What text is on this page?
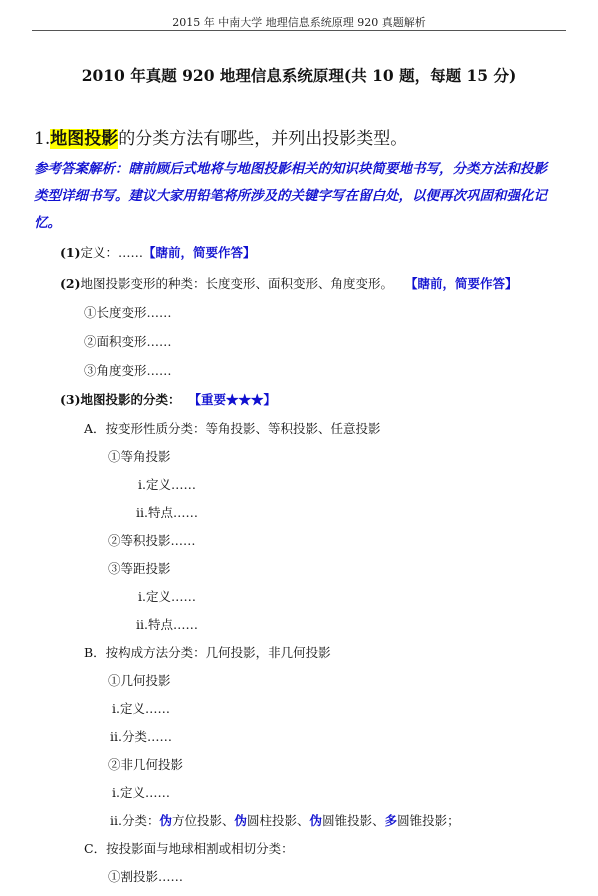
2015 年 中南大学 地理信息系统原理 920 真题解析
2010 年真题 920 地理信息系统原理(共 10 题，每题 15 分)
1.地图投影的分类方法有哪些，并列出投影类型。
参考答案解析：瞎前顾后式地将与地图投影相关的知识块简要地书写，分类方法和投影类型详细书写。建议大家用铅笔将所涉及的关键字写在留白处，以便再次巩固和强化记忆。
(1)定义：……【瞎前，简要作答】
(2)地图投影变形的种类：长度变形、面积变形、角度变形。 【瞎前，简要作答】
①长度变形……
②面积变形……
③角度变形……
(3)地图投影的分类： 【重要★★★】
A．按变形性质分类：等角投影、等积投影、任意投影
①等角投影
ⅰ.定义……
ⅱ.特点……
②等积投影……
③等距投影
ⅰ.定义……
ⅱ.特点……
B．按构成方法分类：几何投影，非几何投影
①几何投影
ⅰ.定义……
ⅱ.分类……
②非几何投影
ⅰ.定义……
ⅱ.分类：伪方位投影、伪圆柱投影、伪圆锥投影、多圆锥投影；
C．按投影面与地球相割或相切分类：
①割投影……
